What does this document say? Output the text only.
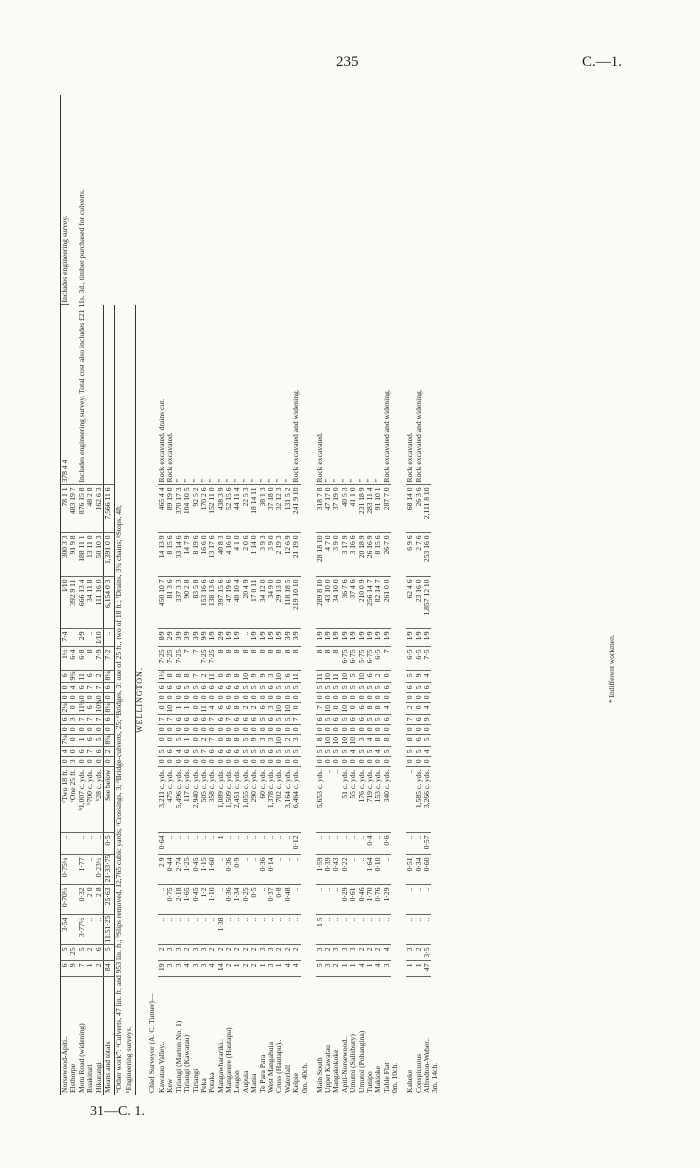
235	C.—1.
31—C. 1.
Norsewood-Apiti..	6	5	3·54	0·70½	0·75¼	..	ᶜTwo 18 ft.	0	4	7¼	0	6	2¼	0	0	6	1½	7·4	1⁄10	300 3 3	78 1 1	378 4 4	Includes engineering survey.
Elsthorpe	9	25					ᶜOne 25 ft.	3	0	0	0	3	0	0	4	9¾	6·4		392 9 11	91 9 8	483 19 7		
Motu Road (widening)	7	5	3·77½	0·32	1·77	..	ᵇ1,007 c. yds.	0	6	1	0	7	11½	0	6	11	6·8	2⁄9	666 13 4	188 11 1	876 15 8	Includes engineering survey. Total cost also includes £21 11s. 3d., timber purchased for culverts.	
Ruakituri	1	2	..	2 0	..	..	ᵇ700 c. yds.	0	7	6	0	7	6	0	7	6	8	..	34 11 8	13 11 0	48 2 8		
Hikurangi	2	6	..	2 8	0·23½	..	ᵇ28 c. yds.	0	6	5	0	7	10¾	0	7	2	7·9	1⁄10	111 16 0	50 10 3	162 6 3		
Means and totals	84	5	11.51·25	25·63	21·33·75	0·5	See below	0	2	8¾	0	6	8¼	0	6	8¼	7·2	..	6,154 0 3	1,391 0 0	7,566 11 6		
“Other work”: ᵃCulverts, 47 lin. ft. and 953 lin. ft.; ᵇSlips removed, 12,765 cubic yards; ᶜCrossings, 3; ᵈBridge-culverts, 25; ᵉBridges, 3: one of 25 ft., two of 18 ft.; ᶠDrains, 3¾ chains; ᵍStops, 48;																							
ʰEngineering surveys.																							
WELLINGTON.																							
Chief Surveyor (A. C. Turner)—																							
Kawatau Valley..	19	2	..	..	2 9	0·64	3,211 c. yds.	0	5	0	0	7	0	0	6	1½	7·25	8⁄9	450 10 7	14 13 9	465 4 4	Rock excavated, drains cut.	
Kew	3	3	..	0·75	0·44	..	475 c. yds.	0	6	0	0	7	10	0	6	8	7·25	2⁄9	81 3 6	8 15 6	89 19 0	Rock excavated.	
Tiriangi (Marton No. 1)	3	3	..	2·18	2·74	..	5,496 c. yds.	0	4	5	0	6	1	0	6	8	7·25	3⁄9	337 3 3	33 14 6	370 17 3	”	
Tiriangi (Kawatau)	4	2	..	1·65	1·25	..	117 c. yds.	0	6	1	0	6	1	0	5	8	7	3⁄9	90 2 8	14 7 9	104 10 5	”	
Tiriangi	3	3	..	0·45	0·45	..	2,940 c. yds.	0	5	0	0	6	0	0	5	7	7	3⁄9	83 5 8	8 19 6	92 5 2	”	
Peka	3	3	..	1·2	1·15	..	505 c. yds.	0	7	2	0	6	11	0	6	2	7·25	9⁄9	153 16 6	16 6 0	170 2 6	”	
Potaka	4	2	..	1·10	1·60	..	358 c. yds.	0	6	7	0	7	4	0	6	11	7·25	1⁄9	138 13 6	13 17 6	152 11 0	”	
Mangawharariki..	14	2	1·38	..	..	1	1,089 c. yds.	0	6	0	0	6	6	0	6	0	8	2⁄9	397 15 6	40 8 3	438 3 9	”	
Mangarere (Hautapu)	2	2	..	0·36	0·36	..	1,509 c. yds.	0	6	8	0	7	6	0	6	9	8	1⁄9	47 19 6	4 16 0	52 15 6	”	
Leagon	1	2	..	1·34	0·9	..	2,451 c. yds.	0	6	8	0	6	8	0	6	8	8	1⁄9	40 10 4	4 1 0	44 11 4	”	
Aupuia	2	2	..	0·25	..	..	1,055 c. yds.	0	5	5	0	6	2	0	5	10	8	..	20 4 9	2 0 6	22 5 3	”	
Mania	2	2	..	0·5	..	..	290 c. yds.	0	5	9	0	6	2	0	5	9	8	1⁄9	17 0 11	1 14 0	18 14 11	”	
Te Para Para	1	3	..	..	0·36	..	60 c. yds.	0	5	3	0	5	6	0	5	9	8	1⁄9	34 12 0	3 9 3	38 1 3	”	
West Mangahuia	3	3	..	0·37	0·14	..	1,378 c. yds.	0	6	3	0	6	3	0	6	3	8	1⁄9	34 9 0	3 9 0	37 18 0	”	
Cross (Hautapu)..	1	2	..	0·8	..	..	702 c. yds.	0	5	10	0	5	10	0	5	10	8	1⁄9	29 13 0	2 19 3	32 12 3	”	
Waterfall	4	2	..	0·48	..	..	3,164 c. yds.	0	5	2	0	5	10	0	5	6	8	3⁄9	118 18 5	12 6 9	131 5 2	”	
Kelpie	4	2	..	..	..	0·12	6,464 c. yds.	0	5	3	0	7	0	0	5	11	8	3⁄9	219 10 10	21 19 0	241 9 10	Rock excavated and widening.	
0m. 40ch.																							

Main South	5	3	1 5	..	1·59	..	5,653 c. yds.	0	5	8	0	6	7	0	5	11	8	1⁄9	289 8 10	28 18 10	318 7 8	Rock excavated.	
Upper Kawatau	3	2	..	..	0·39	..	..	0	5	10	0	5	10	0	5	10	8	1⁄9	43 10 0	4 7 0	47 17 0	”	
Mangakokoke	2	3	..	..	0·43	..	..	0	5	10	0	6	0	0	5	11	8	1⁄9	34 10 0	3 9 0	37 19 0	”	
Apiti-Norsewood..	1	3	..	0·29	0·22	..	51 c. yds.	0	5	10	0	5	10	0	5	10	6·75	1⁄9	36 7 6	3 17 9	40 5 3	”	
Umutoi (Salisbury)	1	3	..	0·61	..	..	55 c. yds.	0	4	10	0	6	0	0	5	5	6·75	1⁄9	37 4 6	3 16 6	41 1 0	”	
Umutoi (Pohangina)	4	2	..	0·46	..	..	176 c. yds.	0	5	3	0	6	6	0	5	10	5·75	1⁄9	210 0 9	20 18 9	231 18 9	”	
Tunipo	1	2	..	1·70	1·64	0·4	719 c. yds.	0	5	4	0	5	8	0	5	6	6·75	1⁄9	256 14 7	26 16 9	283 11 4	”	
Makioke	4	2	..	0·76	0·10	..	153 c. yds.	0	4	8	0	5	8	0	5	2	6·5	1⁄9	82 14 7	8 15 6	91 10 1	”	
Table Flat	3	4	..	1·29	..	0·6	340 c. yds.	0	5	8	0	6	4	0	6	0	7	1⁄9	261 0 0	26 7 0	287 7 0	Rock excavated and widening.	
0m. 10ch.																							

Kaheke	1	3	..	..	0·51	..	..	0	5	8	0	7	2	0	6	5	6·5	1⁄9	62 4 6	6 9 6	68 14 0	Rock excavated.	
Conspicuous	1	2	..	..	0·34	..	1,585 c. yds.	0	5	6	0	6	0	0	5	9	6·5	1⁄9	23 16 0	2 7 6	26 3 6	Rock excavated and widening.	
Alfredton-Weber..	47	3·5	..	..	0·60	0·57	3,266 c. yds.	0	4	5	0	9	4	0	6	4	7·5	1⁄9	1,857 12 10	253 16 0	2,111 8 10		
3m. 14ch.																							
* Indifferent workmen.
